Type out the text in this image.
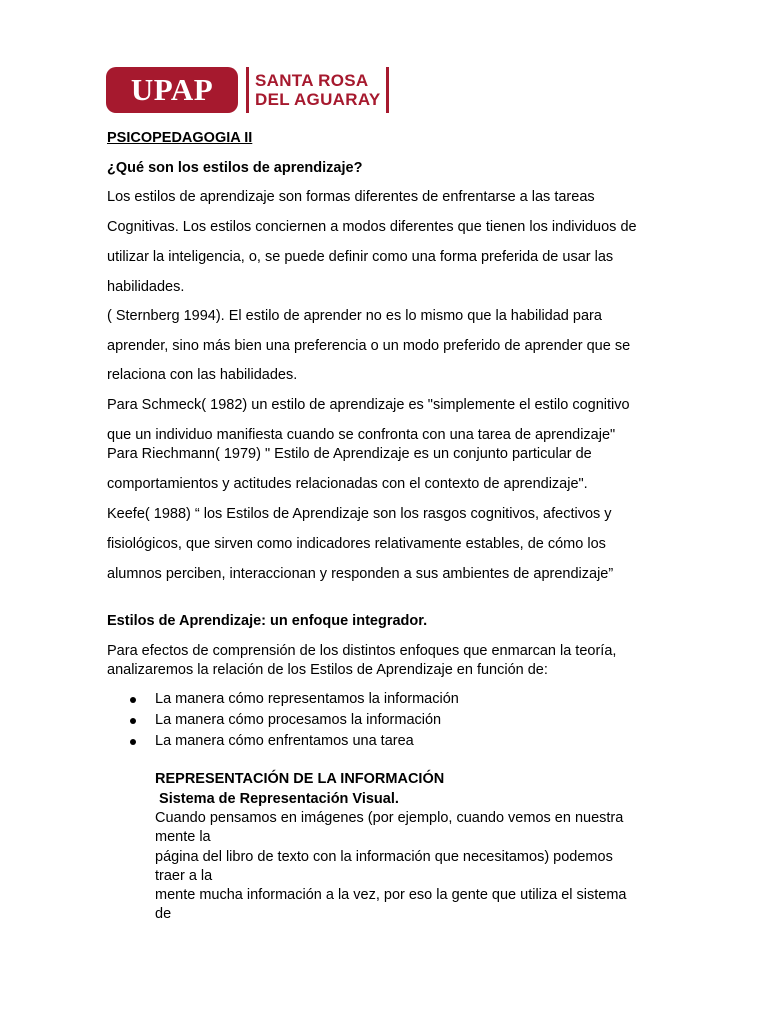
UPAP	SANTA ROSA
DEL AGUARAY
PSICOPEDAGOGIA II
¿Qué son los estilos de aprendizaje?
Los estilos de aprendizaje son formas diferentes de enfrentarse a las tareas
Cognitivas. Los estilos conciernen a modos diferentes que tienen los individuos de
utilizar la inteligencia, o, se puede definir como una forma preferida de usar las
habilidades.
( Sternberg 1994). El estilo de aprender no es lo mismo que la habilidad para
aprender, sino más bien una preferencia o un modo preferido de aprender que se
relaciona con las habilidades.
Para Schmeck( 1982) un estilo de aprendizaje es "simplemente el estilo cognitivo
que un individuo manifiesta cuando se confronta con una tarea de aprendizaje"
Para Riechmann( 1979) " Estilo de Aprendizaje es un conjunto particular de
comportamientos y actitudes relacionadas con el contexto de aprendizaje".
Keefe( 1988) “ los Estilos de Aprendizaje son los rasgos cognitivos, afectivos y
fisiológicos, que sirven como indicadores relativamente estables, de cómo los
alumnos perciben, interaccionan y responden a sus ambientes de aprendizaje”
Estilos de Aprendizaje: un enfoque integrador.
Para efectos de comprensión de los distintos enfoques que enmarcan la teoría,
analizaremos la relación de los Estilos de Aprendizaje en función de:
La manera cómo representamos la información
La manera cómo procesamos la información
La manera cómo enfrentamos una tarea
REPRESENTACIÓN DE LA INFORMACIÓN
Sistema de Representación Visual.
Cuando pensamos en imágenes (por ejemplo, cuando vemos en nuestra
mente la
página del libro de texto con la información que necesitamos) podemos
traer a la
mente mucha información a la vez, por eso la gente que utiliza el sistema
de
